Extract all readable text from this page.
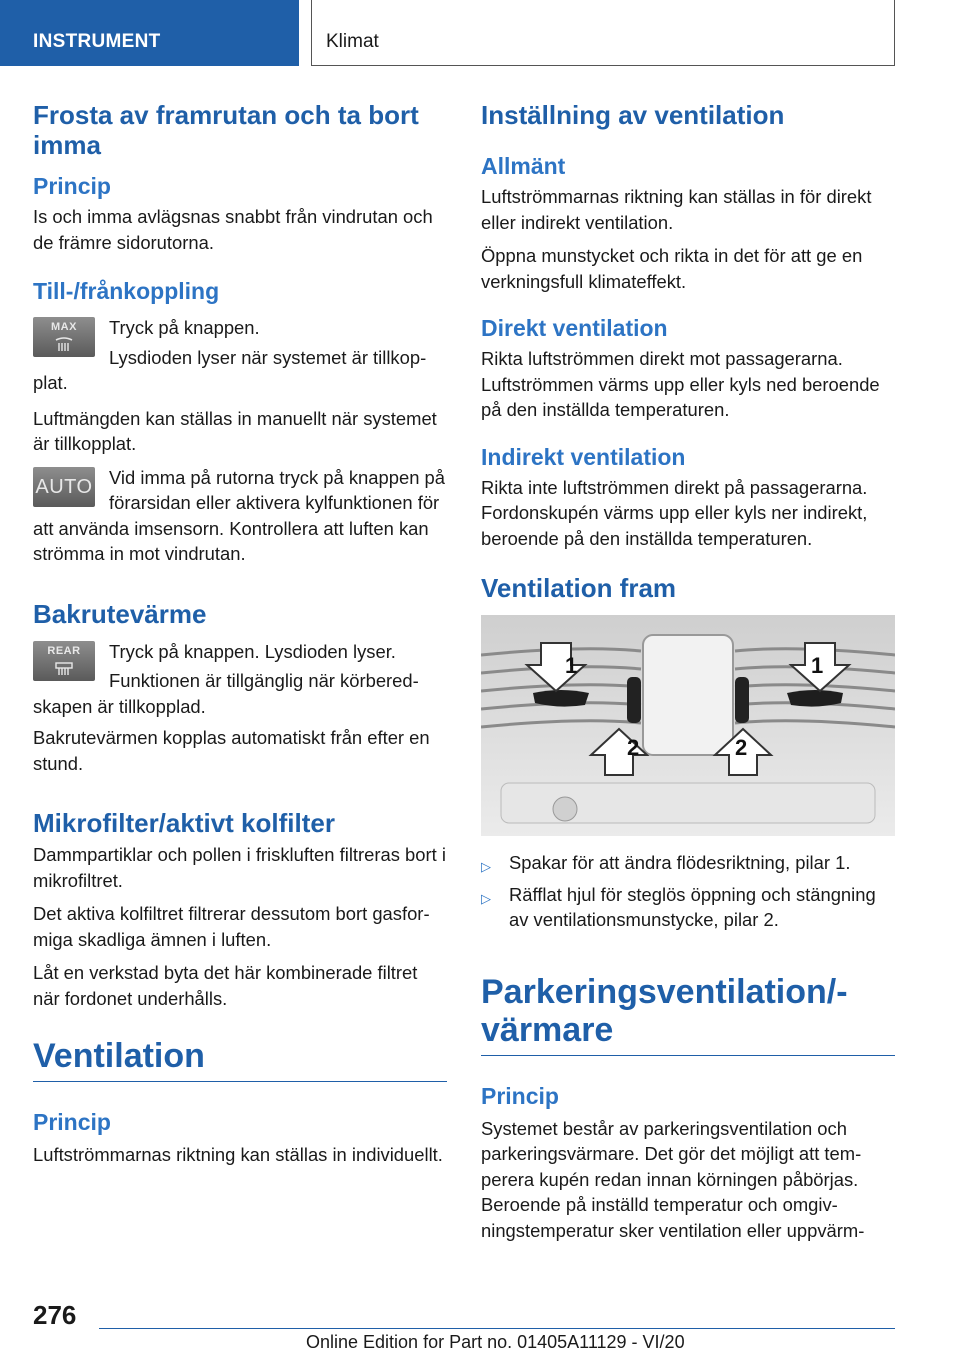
INSTRUMENT	Klimat
Frosta av framrutan och ta bort imma
Princip

Is och imma avlägsnas snabbt från vindrutan och de främre sidorutorna.

Till-/frånkoppling
MAX	Tryck på knappen.

Lysdioden lyser när systemet är tillkopplat.

Luftmängden kan ställas in manuellt när systemet är tillkopplat.

AUTO Vid imma på rutorna tryck på knappen på förarsidan eller aktivera kylfunktionen för att använda imsensorn. Kontrollera att luften kan strömma in mot vindrutan.

Bakrutevärme
REAR	Tryck på knappen. Lysdioden lyser.

Funktionen är tillgänglig när körberedskapen är tillkopplad.

Bakrutevärmen kopplas automatiskt från efter en stund.

Mikrofilter/aktivt kolfilter

Dammpartiklar och pollen i friskluften filtreras bort i mikrofiltret.

Det aktiva kolfiltret filtrerar dessutom bort gasformiga skadliga ämnen i luften.

Låt en verkstad byta det här kombinerade filtret när fordonet underhålls.

Ventilation
Princip

Luftströmmarnas riktning kan ställas in individuellt.

Inställning av ventilation
Allmänt

Luftströmmarnas riktning kan ställas in för direkt eller indirekt ventilation.

Öppna munstycket och rikta in det för att ge en verkningsfull klimateffekt.

Direkt ventilation

Rikta luftströmmen direkt mot passagerarna. Luftströmmen värms upp eller kyls ned beroende på den inställda temperaturen.

Indirekt ventilation

Rikta inte luftströmmen direkt på passagerarna. Fordonskupén värms upp eller kyls ner indirekt, beroende på den inställda temperaturen.

Ventilation fram
1	1
2	2
▷ Spakar för att ändra flödesriktning, pilar 1.
▷ Räfflat hjul för steglös öppning och stängning av ventilationsmunstycke, pilar 2.
Parkeringsventilation/-värmare
Princip

Systemet består av parkeringsventilation och parkeringsvärmare. Det gör det möjligt att temperera kupén redan innan körningen påbörjas. Beroende på inställd temperatur och omgivningstemperatur sker ventilation eller uppvärm-

276
Online Edition for Part no. 01405A11129 - VI/20
